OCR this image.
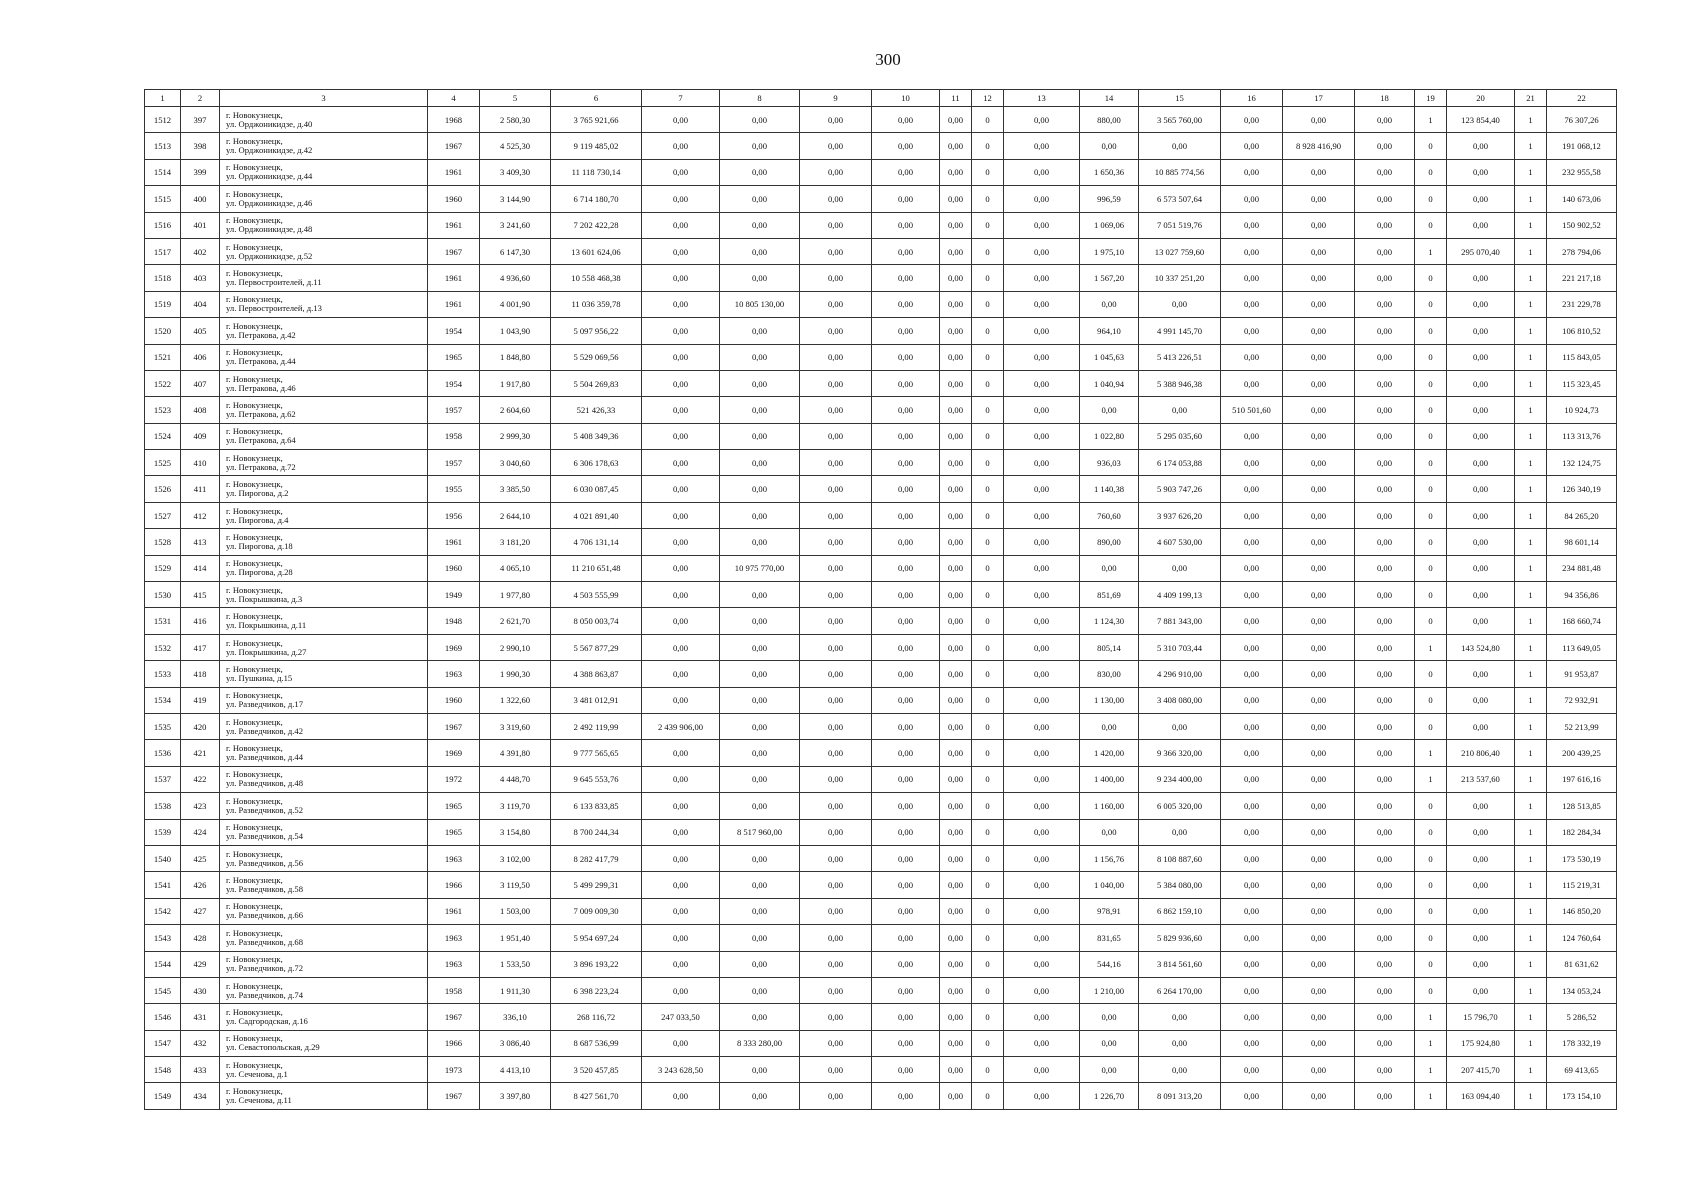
300
1	2	3	4	5	6	7	8	9	10	11	12	13	14	15	16	17	18	19	20	21	22
1512	397	г. Новокузнецк,
ул. Орджоникидзе, д.40	1968	2 580,30	3 765 921,66	0,00	0,00	0,00	0,00	0,00	0	0,00	880,00	3 565 760,00	0,00	0,00	0,00	1	123 854,40	1	76 307,26
1513	398	г. Новокузнецк,
ул. Орджоникидзе, д.42	1967	4 525,30	9 119 485,02	0,00	0,00	0,00	0,00	0,00	0	0,00	0,00	0,00	0,00	8 928 416,90	0,00	0	0,00	1	191 068,12
1514	399	г. Новокузнецк,
ул. Орджоникидзе, д.44	1961	3 409,30	11 118 730,14	0,00	0,00	0,00	0,00	0,00	0	0,00	1 650,36	10 885 774,56	0,00	0,00	0,00	0	0,00	1	232 955,58
1515	400	г. Новокузнецк,
ул. Орджоникидзе, д.46	1960	3 144,90	6 714 180,70	0,00	0,00	0,00	0,00	0,00	0	0,00	996,59	6 573 507,64	0,00	0,00	0,00	0	0,00	1	140 673,06
1516	401	г. Новокузнецк,
ул. Орджоникидзе, д.48	1961	3 241,60	7 202 422,28	0,00	0,00	0,00	0,00	0,00	0	0,00	1 069,06	7 051 519,76	0,00	0,00	0,00	0	0,00	1	150 902,52
1517	402	г. Новокузнецк,
ул. Орджоникидзе, д.52	1967	6 147,30	13 601 624,06	0,00	0,00	0,00	0,00	0,00	0	0,00	1 975,10	13 027 759,60	0,00	0,00	0,00	1	295 070,40	1	278 794,06
1518	403	г. Новокузнецк,
ул. Первостроителей, д.11	1961	4 936,60	10 558 468,38	0,00	0,00	0,00	0,00	0,00	0	0,00	1 567,20	10 337 251,20	0,00	0,00	0,00	0	0,00	1	221 217,18
1519	404	г. Новокузнецк,
ул. Первостроителей, д.13	1961	4 001,90	11 036 359,78	0,00	10 805 130,00	0,00	0,00	0,00	0	0,00	0,00	0,00	0,00	0,00	0,00	0	0,00	1	231 229,78
1520	405	г. Новокузнецк,
ул. Петракова, д.42	1954	1 043,90	5 097 956,22	0,00	0,00	0,00	0,00	0,00	0	0,00	964,10	4 991 145,70	0,00	0,00	0,00	0	0,00	1	106 810,52
1521	406	г. Новокузнецк,
ул. Петракова, д.44	1965	1 848,80	5 529 069,56	0,00	0,00	0,00	0,00	0,00	0	0,00	1 045,63	5 413 226,51	0,00	0,00	0,00	0	0,00	1	115 843,05
1522	407	г. Новокузнецк,
ул. Петракова, д.46	1954	1 917,80	5 504 269,83	0,00	0,00	0,00	0,00	0,00	0	0,00	1 040,94	5 388 946,38	0,00	0,00	0,00	0	0,00	1	115 323,45
1523	408	г. Новокузнецк,
ул. Петракова, д.62	1957	2 604,60	521 426,33	0,00	0,00	0,00	0,00	0,00	0	0,00	0,00	0,00	510 501,60	0,00	0,00	0	0,00	1	10 924,73
1524	409	г. Новокузнецк,
ул. Петракова, д.64	1958	2 999,30	5 408 349,36	0,00	0,00	0,00	0,00	0,00	0	0,00	1 022,80	5 295 035,60	0,00	0,00	0,00	0	0,00	1	113 313,76
1525	410	г. Новокузнецк,
ул. Петракова, д.72	1957	3 040,60	6 306 178,63	0,00	0,00	0,00	0,00	0,00	0	0,00	936,03	6 174 053,88	0,00	0,00	0,00	0	0,00	1	132 124,75
1526	411	г. Новокузнецк,
ул. Пирогова, д.2	1955	3 385,50	6 030 087,45	0,00	0,00	0,00	0,00	0,00	0	0,00	1 140,38	5 903 747,26	0,00	0,00	0,00	0	0,00	1	126 340,19
1527	412	г. Новокузнецк,
ул. Пирогова, д.4	1956	2 644,10	4 021 891,40	0,00	0,00	0,00	0,00	0,00	0	0,00	760,60	3 937 626,20	0,00	0,00	0,00	0	0,00	1	84 265,20
1528	413	г. Новокузнецк,
ул. Пирогова, д.18	1961	3 181,20	4 706 131,14	0,00	0,00	0,00	0,00	0,00	0	0,00	890,00	4 607 530,00	0,00	0,00	0,00	0	0,00	1	98 601,14
1529	414	г. Новокузнецк,
ул. Пирогова, д.28	1960	4 065,10	11 210 651,48	0,00	10 975 770,00	0,00	0,00	0,00	0	0,00	0,00	0,00	0,00	0,00	0,00	0	0,00	1	234 881,48
1530	415	г. Новокузнецк,
ул. Покрышкина, д.3	1949	1 977,80	4 503 555,99	0,00	0,00	0,00	0,00	0,00	0	0,00	851,69	4 409 199,13	0,00	0,00	0,00	0	0,00	1	94 356,86
1531	416	г. Новокузнецк,
ул. Покрышкина, д.11	1948	2 621,70	8 050 003,74	0,00	0,00	0,00	0,00	0,00	0	0,00	1 124,30	7 881 343,00	0,00	0,00	0,00	0	0,00	1	168 660,74
1532	417	г. Новокузнецк,
ул. Покрышкина, д.27	1969	2 990,10	5 567 877,29	0,00	0,00	0,00	0,00	0,00	0	0,00	805,14	5 310 703,44	0,00	0,00	0,00	1	143 524,80	1	113 649,05
1533	418	г. Новокузнецк,
ул. Пушкина, д.15	1963	1 990,30	4 388 863,87	0,00	0,00	0,00	0,00	0,00	0	0,00	830,00	4 296 910,00	0,00	0,00	0,00	0	0,00	1	91 953,87
1534	419	г. Новокузнецк,
ул. Разведчиков, д.17	1960	1 322,60	3 481 012,91	0,00	0,00	0,00	0,00	0,00	0	0,00	1 130,00	3 408 080,00	0,00	0,00	0,00	0	0,00	1	72 932,91
1535	420	г. Новокузнецк,
ул. Разведчиков, д.42	1967	3 319,60	2 492 119,99	2 439 906,00	0,00	0,00	0,00	0,00	0	0,00	0,00	0,00	0,00	0,00	0,00	0	0,00	1	52 213,99
1536	421	г. Новокузнецк,
ул. Разведчиков, д.44	1969	4 391,80	9 777 565,65	0,00	0,00	0,00	0,00	0,00	0	0,00	1 420,00	9 366 320,00	0,00	0,00	0,00	1	210 806,40	1	200 439,25
1537	422	г. Новокузнецк,
ул. Разведчиков, д.48	1972	4 448,70	9 645 553,76	0,00	0,00	0,00	0,00	0,00	0	0,00	1 400,00	9 234 400,00	0,00	0,00	0,00	1	213 537,60	1	197 616,16
1538	423	г. Новокузнецк,
ул. Разведчиков, д.52	1965	3 119,70	6 133 833,85	0,00	0,00	0,00	0,00	0,00	0	0,00	1 160,00	6 005 320,00	0,00	0,00	0,00	0	0,00	1	128 513,85
1539	424	г. Новокузнецк,
ул. Разведчиков, д.54	1965	3 154,80	8 700 244,34	0,00	8 517 960,00	0,00	0,00	0,00	0	0,00	0,00	0,00	0,00	0,00	0,00	0	0,00	1	182 284,34
1540	425	г. Новокузнецк,
ул. Разведчиков, д.56	1963	3 102,00	8 282 417,79	0,00	0,00	0,00	0,00	0,00	0	0,00	1 156,76	8 108 887,60	0,00	0,00	0,00	0	0,00	1	173 530,19
1541	426	г. Новокузнецк,
ул. Разведчиков, д.58	1966	3 119,50	5 499 299,31	0,00	0,00	0,00	0,00	0,00	0	0,00	1 040,00	5 384 080,00	0,00	0,00	0,00	0	0,00	1	115 219,31
1542	427	г. Новокузнецк,
ул. Разведчиков, д.66	1961	1 503,00	7 009 009,30	0,00	0,00	0,00	0,00	0,00	0	0,00	978,91	6 862 159,10	0,00	0,00	0,00	0	0,00	1	146 850,20
1543	428	г. Новокузнецк,
ул. Разведчиков, д.68	1963	1 951,40	5 954 697,24	0,00	0,00	0,00	0,00	0,00	0	0,00	831,65	5 829 936,60	0,00	0,00	0,00	0	0,00	1	124 760,64
1544	429	г. Новокузнецк,
ул. Разведчиков, д.72	1963	1 533,50	3 896 193,22	0,00	0,00	0,00	0,00	0,00	0	0,00	544,16	3 814 561,60	0,00	0,00	0,00	0	0,00	1	81 631,62
1545	430	г. Новокузнецк,
ул. Разведчиков, д.74	1958	1 911,30	6 398 223,24	0,00	0,00	0,00	0,00	0,00	0	0,00	1 210,00	6 264 170,00	0,00	0,00	0,00	0	0,00	1	134 053,24
1546	431	г. Новокузнецк,
ул. Садгородская, д.16	1967	336,10	268 116,72	247 033,50	0,00	0,00	0,00	0,00	0	0,00	0,00	0,00	0,00	0,00	0,00	1	15 796,70	1	5 286,52
1547	432	г. Новокузнецк,
ул. Севастопольская, д.29	1966	3 086,40	8 687 536,99	0,00	8 333 280,00	0,00	0,00	0,00	0	0,00	0,00	0,00	0,00	0,00	0,00	1	175 924,80	1	178 332,19
1548	433	г. Новокузнецк,
ул. Сеченова, д.1	1973	4 413,10	3 520 457,85	3 243 628,50	0,00	0,00	0,00	0,00	0	0,00	0,00	0,00	0,00	0,00	0,00	1	207 415,70	1	69 413,65
1549	434	г. Новокузнецк,
ул. Сеченова, д.11	1967	3 397,80	8 427 561,70	0,00	0,00	0,00	0,00	0,00	0	0,00	1 226,70	8 091 313,20	0,00	0,00	0,00	1	163 094,40	1	173 154,10
